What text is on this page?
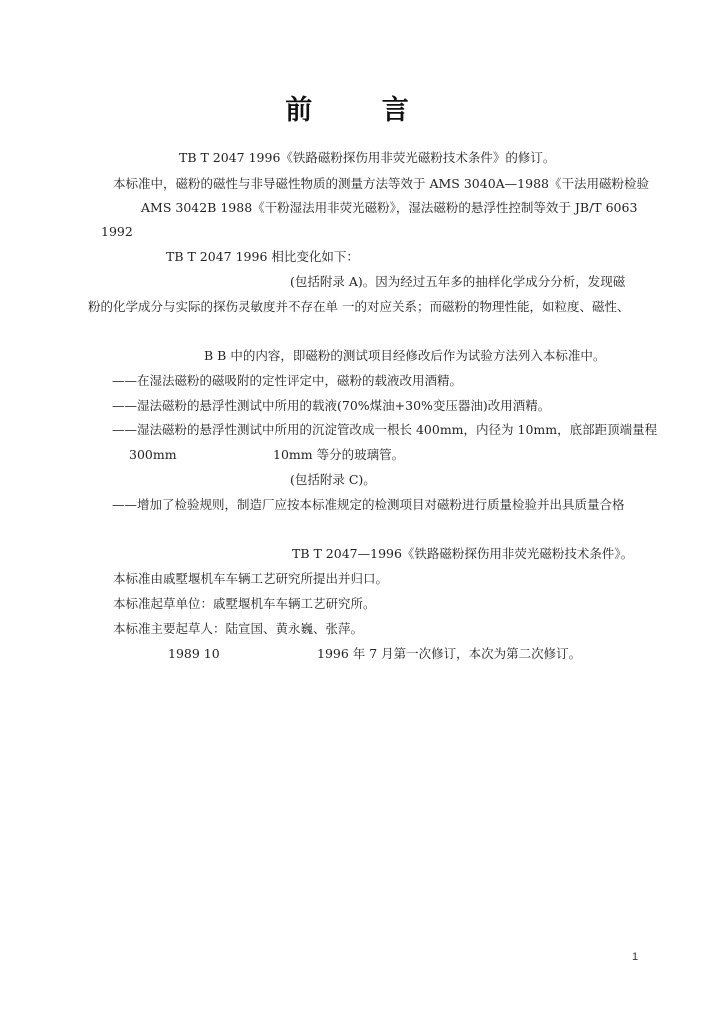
前 言
TB T 2047 1996《铁路磁粉探伤用非荧光磁粉技术条件》的修订。
本标准中，磁粉的磁性与非导磁性物质的测量方法等效于 AMS 3040A—1988《干法用磁粉检验
AMS 3042B 1988《干粉湿法用非荧光磁粉》，湿法磁粉的悬浮性控制等效于 JB/T 6063
1992
TB T 2047 1996 相比变化如下：
(包括附录 A)。因为经过五年多的抽样化学成分分析，发现磁
粉的化学成分与实际的探伤灵敏度并不存在单 一的对应关系；而磁粉的物理性能，如粒度、磁性、
B B 中的内容，即磁粉的测试项目经修改后作为试验方法列入本标准中。
——在湿法磁粉的磁吸附的定性评定中，磁粉的载液改用酒精。
——湿法磁粉的悬浮性测试中所用的载液(70%煤油+30%变压器油)改用酒精。
——湿法磁粉的悬浮性测试中所用的沉淀管改成一根长 400mm，内径为 10mm，底部距顶端量程
300mm	10mm 等分的玻璃管。
(包括附录 C)。
——增加了检验规则，制造厂应按本标准规定的检测项目对磁粉进行质量检验并出具质量合格
TB T 2047—1996《铁路磁粉探伤用非荧光磁粉技术条件》。
本标准由戚墅堰机车车辆工艺研究所提出并归口。
本标准起草单位：戚墅堰机车车辆工艺研究所。
本标准主要起草人：陆宣国、黄永巍、张萍。
1989 10	1996 年 7 月第一次修订，本次为第二次修订。
1
